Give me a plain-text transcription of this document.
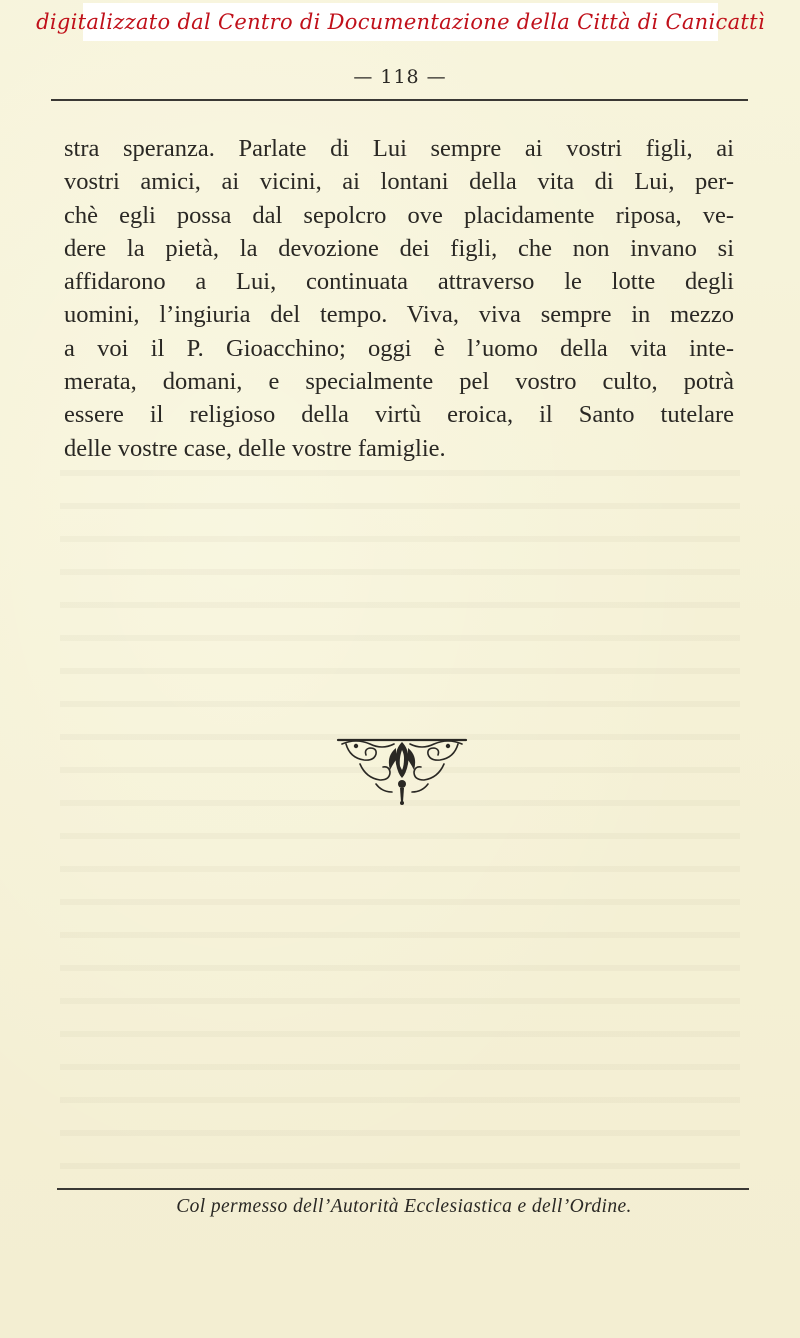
digitalizzato dal Centro di Documentazione della Città di Canicattì
— 118 —
stra speranza. Parlate di Lui sempre ai vostri figli, ai
vostri amici, ai vicini, ai lontani della vita di Lui, per-
chè egli possa dal sepolcro ove placidamente riposa, ve-
dere la pietà, la devozione dei figli, che non invano si
affidarono a Lui, continuata attraverso le lotte degli
uomini, l’ingiuria del tempo. Viva, viva sempre in mezzo
a voi il P. Gioacchino; oggi è l’uomo della vita inte-
merata, domani, e specialmente pel vostro culto, potrà
essere il religioso della virtù eroica, il Santo tutelare
delle vostre case, delle vostre famiglie.
Col permesso dell’Autorità Ecclesiastica e dell’Ordine.
